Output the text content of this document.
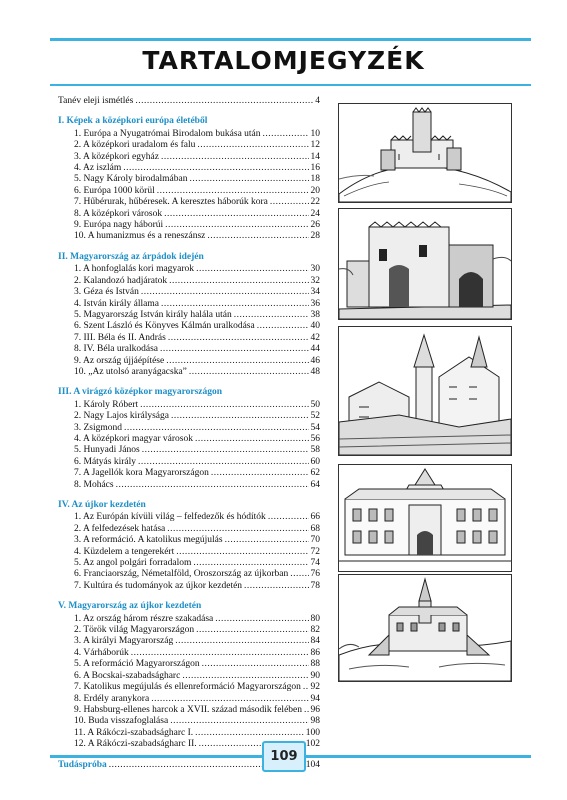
TARTALOMJEGYZÉK
Tanév eleji ismétlés .....	4
I. Képek a középkori európa életéből
1. Európa a Nyugatrómai Birodalom bukása után .....	10
2. A középkori uradalom és falu .....	12
3. A középkori egyház .....	14
4. Az iszlám .....	16
5. Nagy Károly birodalmában .....	18
6. Európa 1000 körül .....	20
7. Hűbérurak, hűbéresek. A keresztes háborúk kora .....	22
8. A középkori városok .....	24
9. Európa nagy háborúi .....	26
10. A humanizmus és a reneszánsz .....	28
II. Magyarország az árpádok idején
1. A honfoglalás kori magyarok .....	30
2. Kalandozó hadjáratok .....	32
3. Géza és István .....	34
4. István király állama .....	36
5. Magyarország István király halála után .....	38
6. Szent László és Könyves Kálmán uralkodása .....	40
7. III. Béla és II. András .....	42
8. IV. Béla uralkodása .....	44
9. Az ország újjáépítése .....	46
10. „Az utolsó aranyágacska” .....	48
III. A virágzó középkor magyarországon
1. Károly Róbert .....	50
2. Nagy Lajos királysága .....	52
3. Zsigmond .....	54
4. A középkori magyar városok .....	56
5. Hunyadi János .....	58
6. Mátyás király .....	60
7. A Jagellók kora Magyarországon .....	62
8. Mohács .....	64
IV. Az újkor kezdetén
1. Az Európán kívüli világ – felfedezők és hódítók .....	66
2. A felfedezések hatása .....	68
3. A reformáció. A katolikus megújulás .....	70
4. Küzdelem a tengerekért .....	72
5. Az angol polgári forradalom .....	74
6. Franciaország, Németalföld, Oroszország az újkorban ..... 76
7. Kultúra és tudományok az újkor kezdetén .....	78
V. Magyarország az újkor kezdetén
1. Az ország három részre szakadása .....	80
2. Török világ Magyarországon .....	82
3. A királyi Magyarország .....	84
4. Várháborúk .....	86
5. A reformáció Magyarországon .....	88
6. A Bocskai-szabadságharc .....	90
7. Katolikus megújulás és ellenreformáció Magyarországon ..... 92
8. Erdély aranykora .....	94
9. Habsburg-ellenes harcok a XVII. század második felében ..... 96
10. Buda visszafoglalása .....	98
11. A Rákóczi-szabadságharc I. .....	100
12. A Rákóczi-szabadságharc II. .....	102
Tudáspróba .....	104
109
